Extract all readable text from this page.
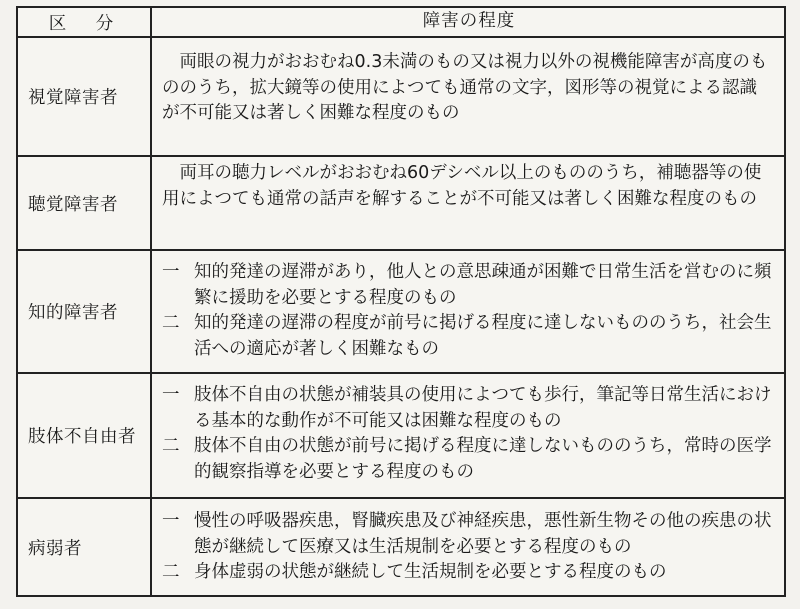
区　分	障害の程度
視覚障害者

両眼の視力がおおむね0.3未満のもの又は視力以外の視機能障害が高度のもののうち，拡大鏡等の使用によつても通常の文字，図形等の視覚による認識が不可能又は著しく困難な程度のもの

聴覚障害者

両耳の聴力レベルがおおむね60デシベル以上のもののうち，補聴器等の使用によつても通常の話声を解することが不可能又は著しく困難な程度のもの

知的障害者
一 知的発達の遅滞があり，他人との意思疎通が困難で日常生活を営むのに頻繁に援助を必要とする程度のもの
二 知的発達の遅滞の程度が前号に掲げる程度に達しないもののうち，社会生活への適応が著しく困難なもの
肢体不自由者
一 肢体不自由の状態が補装具の使用によつても歩行，筆記等日常生活における基本的な動作が不可能又は困難な程度のもの
二 肢体不自由の状態が前号に掲げる程度に達しないもののうち，常時の医学的観察指導を必要とする程度のもの
病弱者
一 慢性の呼吸器疾患，腎臓疾患及び神経疾患，悪性新生物その他の疾患の状態が継続して医療又は生活規制を必要とする程度のもの
二 身体虚弱の状態が継続して生活規制を必要とする程度のもの
